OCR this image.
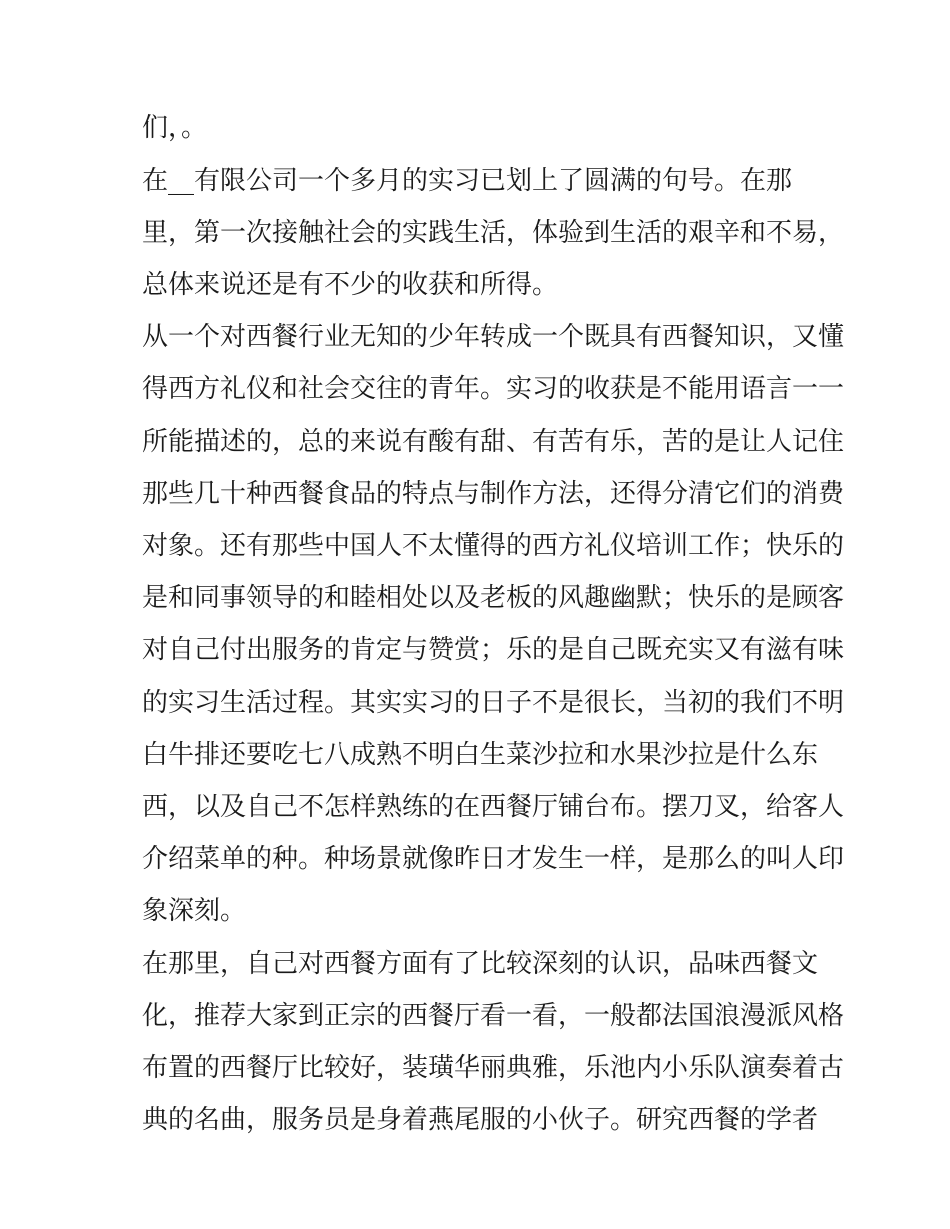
们，。

在__有限公司一个多月的实习已划上了圆满的句号。在那

里，第一次接触社会的实践生活，体验到生活的艰辛和不易，

总体来说还是有不少的收获和所得。

从一个对西餐行业无知的少年转成一个既具有西餐知识，又懂

得西方礼仪和社会交往的青年。实习的收获是不能用语言一一

所能描述的，总的来说有酸有甜、有苦有乐，苦的是让人记住

那些几十种西餐食品的特点与制作方法，还得分清它们的消费

对象。还有那些中国人不太懂得的西方礼仪培训工作；快乐的

是和同事领导的和睦相处以及老板的风趣幽默；快乐的是顾客

对自己付出服务的肯定与赞赏；乐的是自己既充实又有滋有味

的实习生活过程。其实实习的日子不是很长，当初的我们不明

白牛排还要吃七八成熟不明白生菜沙拉和水果沙拉是什么东

西，以及自己不怎样熟练的在西餐厅铺台布。摆刀叉，给客人

介绍菜单的种。种场景就像昨日才发生一样，是那么的叫人印

象深刻。

在那里，自己对西餐方面有了比较深刻的认识，品味西餐文

化，推荐大家到正宗的西餐厅看一看，一般都法国浪漫派风格

布置的西餐厅比较好，装璜华丽典雅，乐池内小乐队演奏着古

典的名曲，服务员是身着燕尾服的小伙子。研究西餐的学者
